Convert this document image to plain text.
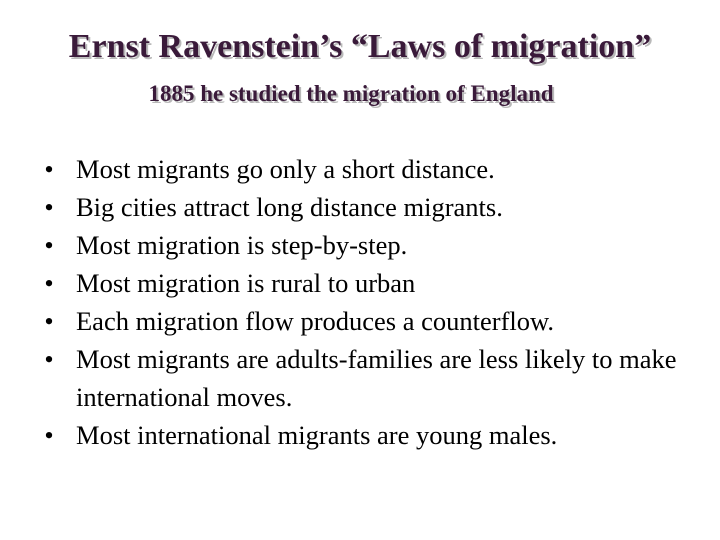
Ernst Ravenstein’s “Laws of migration”
1885 he studied the migration of England
• Most migrants go only a short distance.
• Big cities attract long distance migrants.
• Most migration is step-by-step.
• Most migration is rural to urban
• Each migration flow produces a counterflow.
• Most migrants are adults-families are less likely to make international moves.
• Most international migrants are young males.
